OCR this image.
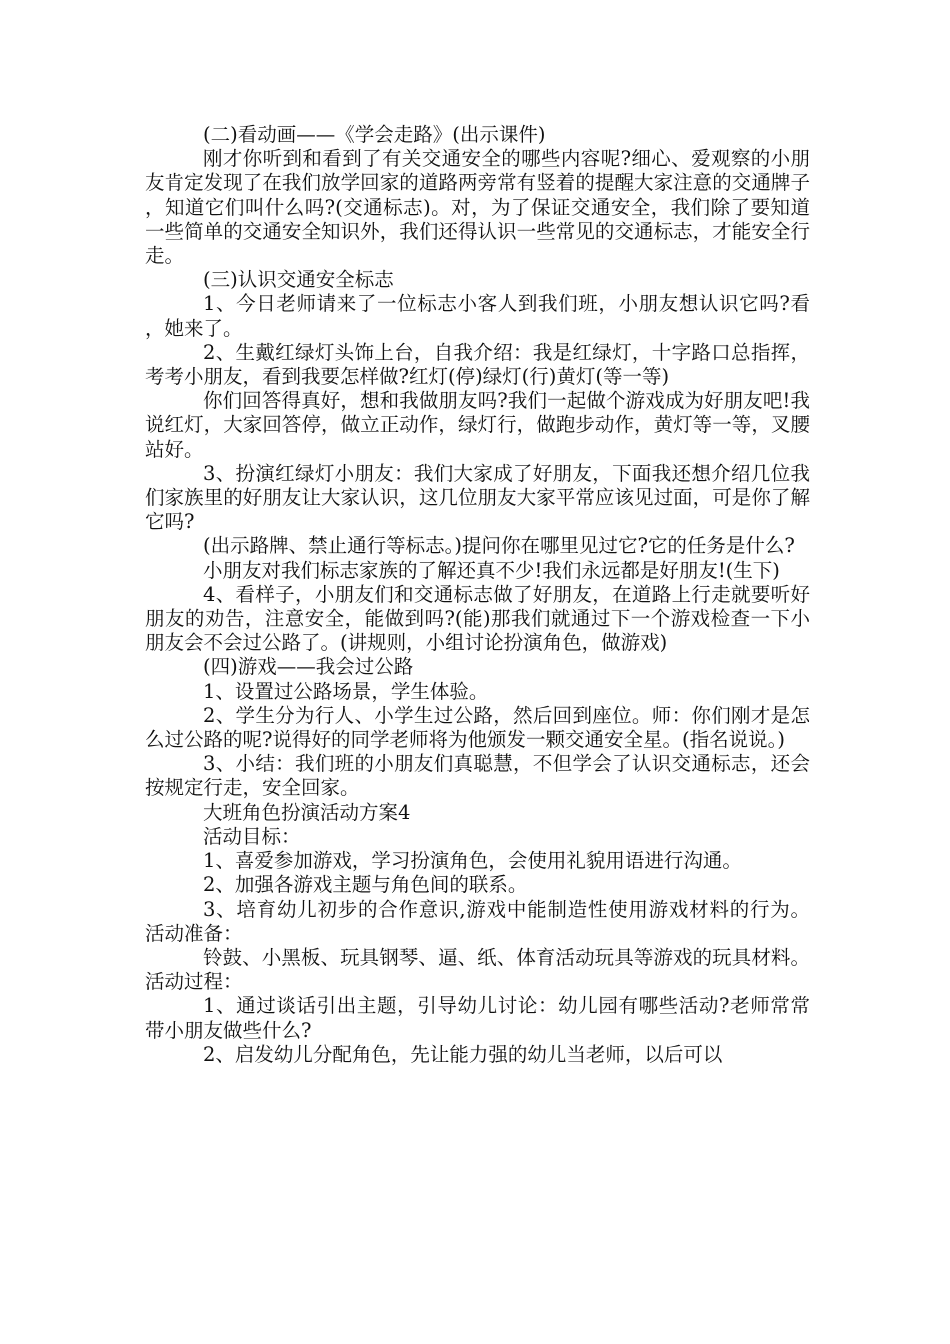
(二)看动画——《学会走路》(出示课件)

刚才你听到和看到了有关交通安全的哪些内容呢?细心、爱观察的小朋友肯定发现了在我们放学回家的道路两旁常有竖着的提醒大家注意的交通牌子，知道它们叫什么吗?(交通标志)。对，为了保证交通安全，我们除了要知道一些简单的交通安全知识外，我们还得认识一些常见的交通标志，才能安全行走。

(三)认识交通安全标志

1、今日老师请来了一位标志小客人到我们班，小朋友想认识它吗?看，她来了。

2、生戴红绿灯头饰上台，自我介绍：我是红绿灯，十字路口总指挥，考考小朋友，看到我要怎样做?红灯(停)绿灯(行)黄灯(等一等)

你们回答得真好，想和我做朋友吗?我们一起做个游戏成为好朋友吧!我说红灯，大家回答停，做立正动作，绿灯行，做跑步动作，黄灯等一等，叉腰站好。

3、扮演红绿灯小朋友：我们大家成了好朋友，下面我还想介绍几位我们家族里的好朋友让大家认识，这几位朋友大家平常应该见过面，可是你了解它吗?

(出示路牌、禁止通行等标志。)提问你在哪里见过它?它的任务是什么?

小朋友对我们标志家族的了解还真不少!我们永远都是好朋友!(生下)

4、看样子，小朋友们和交通标志做了好朋友，在道路上行走就要听好朋友的劝告，注意安全，能做到吗?(能)那我们就通过下一个游戏检查一下小朋友会不会过公路了。(讲规则，小组讨论扮演角色，做游戏)

(四)游戏——我会过公路

1、设置过公路场景，学生体验。

2、学生分为行人、小学生过公路，然后回到座位。师：你们刚才是怎么过公路的呢?说得好的同学老师将为他颁发一颗交通安全星。(指名说说。)

3、小结：我们班的小朋友们真聪慧，不但学会了认识交通标志，还会按规定行走，安全回家。

大班角色扮演活动方案4

活动目标：

1、喜爱参加游戏，学习扮演角色，会使用礼貌用语进行沟通。

2、加强各游戏主题与角色间的联系。

3、培育幼儿初步的合作意识,游戏中能制造性使用游戏材料的行为。 活动准备：

铃鼓、小黑板、玩具钢琴、逼、纸、体育活动玩具等游戏的玩具材料。 活动过程：

1、通过谈话引出主题，引导幼儿讨论：幼儿园有哪些活动?老师常常带小朋友做些什么?

2、启发幼儿分配角色，先让能力强的幼儿当老师，以后可以
